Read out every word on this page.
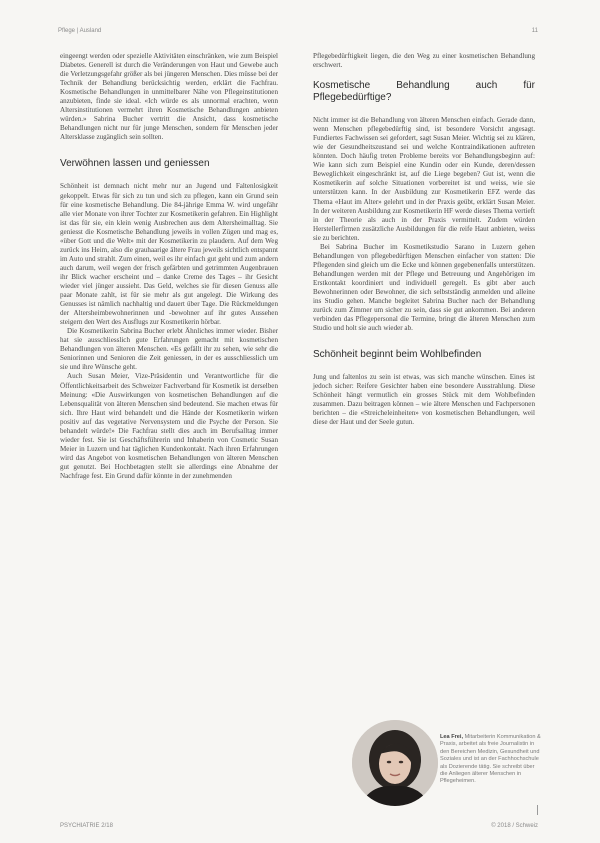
Pflege | Ausland	11

eingeengt werden oder spezielle Aktivitäten einschränken, wie zum Beispiel Diabetes. Generell ist durch die Veränderungen von Haut und Gewebe auch die Verletzungsgefahr größer als bei jüngeren Menschen. Dies müsse bei der Technik der Behandlung berücksichtig werden, erklärt die Fachfrau. Kosmetische Behandlungen in unmittelbarer Nähe von Pflegeinstitutionen anzubieten, finde sie ideal. «Ich würde es als unnormal erachten, wenn Altersinstitutionen vermehrt ihren Kosmetische Behandlungen anbieten würden.» Sabrina Bucher vertritt die Ansicht, dass kosmetische Behandlungen nicht nur für junge Menschen, sondern für Menschen jeder Altersklasse zugänglich sein sollten.

Verwöhnen lassen und geniessen

Schönheit ist demnach nicht mehr nur an Jugend und Faltenlosigkeit gekoppelt. Etwas für sich zu tun und sich zu pflegen, kann ein Grund sein für eine kosmetische Behandlung. Die 84-jährige Emma W. wird ungefähr alle vier Monate von ihrer Tochter zur Kosmetikerin gefahren. Ein Highlight ist das für sie, ein klein wenig Ausbrechen aus dem Altersheimalltag. Sie geniesst die Kosmetische Behandlung jeweils in vollen Zügen und mag es, «über Gott und die Welt» mit der Kosmetikerin zu plaudern. Auf dem Weg zurück ins Heim, also die grauhaarige ältere Frau jeweils sichtlich entspannt im Auto und strahlt. Zum einen, weil es ihr einfach gut geht und zum andern auch darum, weil wegen der frisch gefärbten und getrimmten Augenbrauen ihr Blick wacher erscheint und – danke Creme des Tages – ihr Gesicht wieder viel jünger aussieht. Das Geld, welches sie für diesen Genuss alle paar Monate zahlt, ist für sie mehr als gut angelegt. Die Wirkung des Genusses ist nämlich nachhaltig und dauert über Tage. Die Rückmeldungen der Altersheimbewohnerinnen und -bewohner auf ihr gutes Aussehen steigern den Wert des Ausflugs zur Kosmetikerin hörbar.

Die Kosmetikerin Sabrina Bucher erlebt Ähnliches immer wieder. Bisher hat sie ausschliesslich gute Erfahrungen gemacht mit kosmetischen Behandlungen von älteren Menschen. «Es gefällt ihr zu sehen, wie sehr die Seniorinnen und Senioren die Zeit geniessen, in der es ausschliesslich um sie und ihre Wünsche geht.

Auch Susan Meier, Vize-Präsidentin und Verantwortliche für die Öffentlichkeitsarbeit des Schweizer Fachverband für Kosmetik ist derselben Meinung: «Die Auswirkungen von kosmetischen Behandlungen auf die Lebensqualität von älteren Menschen sind bedeutend. Sie machen etwas für sich. Ihre Haut wird behandelt und die Hände der Kosmetikerin wirken positiv auf das vegetative Nervensystem und die Psyche der Person. Sie behandelt würde!» Die Fachfrau stellt dies auch im Berufsalltag immer wieder fest. Sie ist Geschäftsführerin und Inhaberin von Cosmetic Susan Meier in Luzern und hat täglichen Kundenkontakt. Nach ihren Erfahrungen wird das Angebot von kosmetischen Behandlungen von älteren Menschen gut genutzt. Bei Hochbetagten stellt sie allerdings eine Abnahme der Nachfrage fest. Ein Grund dafür könnte in der zunehmenden

Pflegebedürftigkeit liegen, die den Weg zu einer kosmetischen Behandlung erschwert.

Kosmetische Behandlung auch für Pflegebedürftige?

Nicht immer ist die Behandlung von älteren Menschen einfach. Gerade dann, wenn Menschen pflegebedürftig sind, ist besondere Vorsicht angesagt. Fundiertes Fachwissen sei gefordert, sagt Susan Meier. Wichtig sei zu klären, wie der Gesundheitszustand sei und welche Kontraindikationen auftreten könnten. Doch häufig treten Probleme bereits vor Behandlungsbeginn auf: Wie kann sich zum Beispiel eine Kundin oder ein Kunde, deren/dessen Beweglichkeit eingeschränkt ist, auf die Liege begeben? Gut ist, wenn die Kosmetikerin auf solche Situationen vorbereitet ist und weiss, wie sie unterstützen kann. In der Ausbildung zur Kosmetikerin EFZ werde das Thema «Haut im Alter» gelehrt und in der Praxis geübt, erklärt Susan Meier. In der weiteren Ausbildung zur Kosmetikerin HF werde dieses Thema vertieft in der Theorie als auch in der Praxis vermittelt. Zudem würden Herstellerfirmen zusätzliche Ausbildungen für die reife Haut anbieten, weiss sie zu berichten.

Bei Sabrina Bucher im Kosmetikstudio Sarano in Luzern gehen Behandlungen von pflegebedürftigen Menschen einfacher von statten: Die Pflegenden sind gleich um die Ecke und können gegebenenfalls unterstützen. Behandlungen werden mit der Pflege und Betreuung und Angehörigen im Erstkontakt koordiniert und individuell geregelt. Es gibt aber auch Bewohnerinnen oder Bewohner, die sich selbstständig anmelden und alleine ins Studio gehen. Manche begleitet Sabrina Bucher nach der Behandlung zurück zum Zimmer um sicher zu sein, dass sie gut ankommen. Bei anderen verbinden das Pflegepersonal die Termine, bringt die älteren Menschen zum Studio und holt sie auch wieder ab.

Schönheit beginnt beim Wohlbefinden

Jung und faltenlos zu sein ist etwas, was sich manche wünschen. Eines ist jedoch sicher: Reifere Gesichter haben eine besondere Ausstrahlung. Diese Schönheit hängt vermutlich ein grosses Stück mit dem Wohlbefinden zusammen. Dazu beitragen können – wie ältere Menschen und Fachpersonen berichten – die «Streicheleinheiten» von kosmetischen Behandlungen, weil diese der Haut und der Seele gutun.

Lea Frei, Mitarbeiterin Kommunikation & Praxis, arbeitet als freie Journalistin in den Bereichen Medizin, Gesundheit und Soziales und ist an der Fachhochschule als Dozierende tätig. Sie schreibt über die Anliegen älterer Menschen in Pflegeheimen.
PSYCHIATRIE 2/18	© 2018 / Schweiz
